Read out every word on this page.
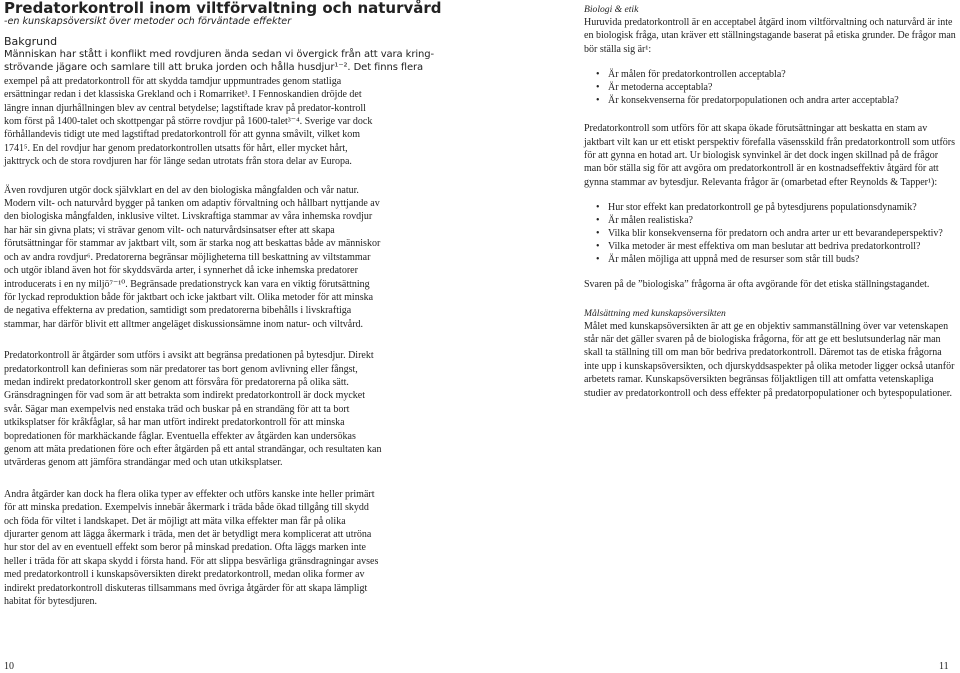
Predatorkontroll inom viltförvaltning och naturvård
-en kunskapsöversikt över metoder och förväntade effekter
Bakgrund

Människan har stått i konflikt med rovdjuren ända sedan vi övergick från att vara kring-

strövande jägare och samlare till att bruka jorden och hålla husdjur¹⁻². Det finns flera

exempel på att predatorkontroll för att skydda tamdjur uppmuntrades genom statliga ersättningar redan i det klassiska Grekland och i Romarriket³. I Fennoskandien dröjde det längre innan djurhållningen blev av central betydelse; lagstiftade krav på predator-kontroll kom först på 1400-talet och skottpengar på större rovdjur på 1600-talet³⁻⁴. Sverige var dock förhållandevis tidigt ute med lagstiftad predatorkontroll för att gynna småvilt, vilket kom 1741⁵. En del rovdjur har genom predatorkontrollen utsatts för hårt, eller mycket hårt, jakttryck och de stora rovdjuren har för länge sedan utrotats från stora delar av Europa.

Även rovdjuren utgör dock självklart en del av den biologiska mångfalden och vår natur. Modern vilt- och naturvård bygger på tanken om adaptiv förvaltning och hållbart nyttjande av den biologiska mångfalden, inklusive viltet. Livskraftiga stammar av våra inhemska rovdjur har här sin givna plats; vi strävar genom vilt- och naturvårdsinsatser efter att skapa förutsättningar för stammar av jaktbart vilt, som är starka nog att beskattas både av människor och av andra rovdjur⁶. Predatorerna begränsar möjligheterna till beskattning av viltstammar och utgör ibland även hot för skyddsvärda arter, i synnerhet då icke inhemska predatorer introducerats i en ny miljö⁷⁻¹⁰. Begränsade predationstryck kan vara en viktig förutsättning för lyckad reproduktion både för jaktbart och icke jaktbart vilt. Olika metoder för att minska de negativa effekterna av predation, samtidigt som predatorerna bibehålls i livskraftiga stammar, har därför blivit ett alltmer angeläget diskussionsämne inom natur- och viltvård.

Predatorkontroll är åtgärder som utförs i avsikt att begränsa predationen på bytesdjur. Direkt predatorkontroll kan definieras som när predatorer tas bort genom avlivning eller fångst, medan indirekt predatorkontroll sker genom att försvåra för predatorerna på olika sätt. Gränsdragningen för vad som är att betrakta som indirekt predatorkontroll är dock mycket svår. Sägar man exempelvis ned enstaka träd och buskar på en strandäng för att ta bort utkiksplatser för kråkfåglar, så har man utfört indirekt predatorkontroll för att minska bopredationen för markhäckande fåglar. Eventuella effekter av åtgärden kan undersökas genom att mäta predationen före och efter åtgärden på ett antal strandängar, och resultaten kan utvärderas genom att jämföra strandängar med och utan utkiksplatser.

Andra åtgärder kan dock ha flera olika typer av effekter och utförs kanske inte heller primärt för att minska predation. Exempelvis innebär åkermark i träda både ökad tillgång till skydd och föda för viltet i landskapet. Det är möjligt att mäta vilka effekter man får på olika djurarter genom att lägga åkermark i träda, men det är betydligt mera komplicerat att utröna hur stor del av en eventuell effekt som beror på minskad predation. Ofta läggs marken inte heller i träda för att skapa skydd i första hand. För att slippa besvärliga gränsdragningar avses med predatorkontroll i kunskapsöversikten direkt predatorkontroll, medan olika former av indirekt predatorkontroll diskuteras tillsammans med övriga åtgärder för att skapa lämpligt habitat för bytesdjuren.

10
Biologi & etik

Huruvida predatorkontroll är en acceptabel åtgärd inom viltförvaltning och naturvård är inte en biologisk fråga, utan kräver ett ställningstagande baserat på etiska grunder. De frågor man bör ställa sig är¹:

• Är målen för predatorkontrollen acceptabla?
• Är metoderna acceptabla?
• Är konsekvenserna för predatorpopulationen och andra arter acceptabla?

Predatorkontroll som utförs för att skapa ökade förutsättningar att beskatta en stam av jaktbart vilt kan ur ett etiskt perspektiv förefalla väsensskild från predatorkontroll som utförs för att gynna en hotad art. Ur biologisk synvinkel är det dock ingen skillnad på de frågor man bör ställa sig för att avgöra om predatorkontroll är en kostnadseffektiv åtgärd för att gynna stammar av bytesdjur. Relevanta frågor är (omarbetad efter Reynolds & Tapper¹):

• Hur stor effekt kan predatorkontroll ge på bytesdjurens populationsdynamik?
• Är målen realistiska?
• Vilka blir konsekvenserna för predatorn och andra arter ur ett bevarandeperspektiv?
• Vilka metoder är mest effektiva om man beslutar att bedriva predatorkontroll?
• Är målen möjliga att uppnå med de resurser som står till buds?

Svaren på de ”biologiska” frågorna är ofta avgörande för det etiska ställningstagandet.

Målsättning med kunskapsöversikten

Målet med kunskapsöversikten är att ge en objektiv sammanställning över var vetenskapen står när det gäller svaren på de biologiska frågorna, för att ge ett beslutsunderlag när man skall ta ställning till om man bör bedriva predatorkontroll. Däremot tas de etiska frågorna inte upp i kunskapsöversikten, och djurskyddsaspekter på olika metoder ligger också utanför arbetets ramar. Kunskapsöversikten begränsas följaktligen till att omfatta vetenskapliga studier av predatorkontroll och dess effekter på predatorpopulationer och bytespopulationer.

11
